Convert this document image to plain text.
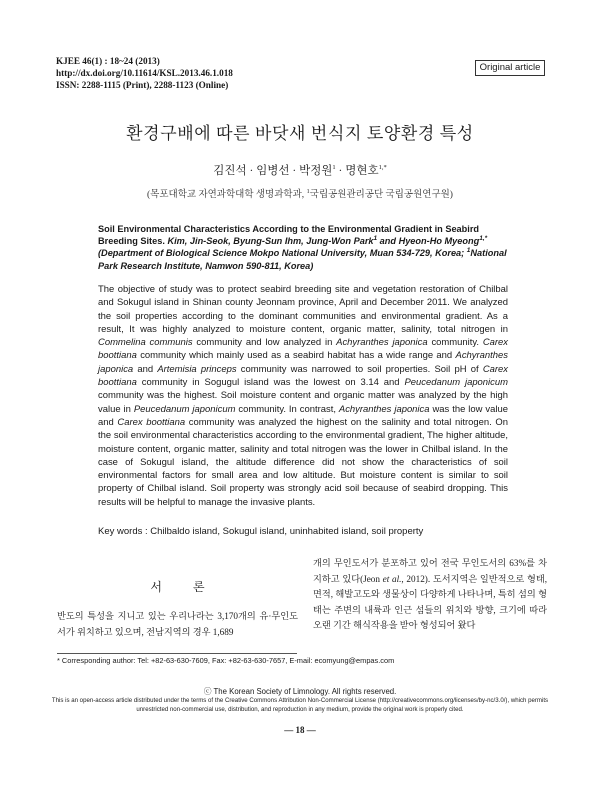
KJEE 46(1) : 18~24 (2013)
http://dx.doi.org/10.11614/KSL.2013.46.1.018
ISSN: 2288-1115 (Print), 2288-1123 (Online)
Original article
환경구배에 따른 바닷새 번식지 토양환경 특성
김진석 · 임병선 · 박정원$^1$ · 명현호$^{1,*}$
(목포대학교 자연과학대학 생명과학과, $^1$국립공원관리공단 국립공원연구원)
Soil Environmental Characteristics According to the Environmental Gradient in Seabird Breeding Sites. Kim, Jin-Seok, Byung-Sun Ihm, Jung-Won Park$^1$ and Hyeon-Ho Myeong$^{1,*}$ (Department of Biological Science Mokpo National University, Muan 534-729, Korea; $^1$National Park Research Institute, Namwon 590-811, Korea)
The objective of study was to protect seabird breeding site and vegetation restoration of Chilbal and Sokugul island in Shinan county Jeonnam province, April and December 2011. We analyzed the soil properties according to the dominant communities and environmental gradient. As a result, It was highly analyzed to moisture content, organic matter, salinity, total nitrogen in Commelina communis community and low analyzed in Achyranthes japonica community. Carex boottiana community which mainly used as a seabird habitat has a wide range and Achyranthes japonica and Artemisia princeps community was narrowed to soil properties. Soil pH of Carex boottiana community in Sogugul island was the lowest on 3.14 and Peucedanum japonicum community was the highest. Soil moisture content and organic matter was analyzed by the high value in Peucedanum japonicum community. In contrast, Achyranthes japonica was the low value and Carex boottiana community was analyzed the highest on the salinity and total nitrogen. On the soil environmental characteristics according to the environmental gradient, The higher altitude, moisture content, organic matter, salinity and total nitrogen was the lower in Chilbal island. In the case of Sokugul island, the altitude difference did not show the characteristics of soil environmental factors for small area and low altitude. But moisture content is similar to soil property of Chilbal island. Soil property was strongly acid soil because of seabird dropping. This results will be helpful to manage the invasive plants.
Key words : Chilbaldo island, Sokugul island, uninhabited island, soil property
서 론
반도의 특성을 지니고 있는 우리나라는 3,170개의 유·무인도서가 위치하고 있으며, 전남지역의 경우 1,689
개의 무인도서가 분포하고 있어 전국 무인도서의 63%를 차지하고 있다(Jeon et al., 2012). 도서지역은 일반적으로 형태, 면적, 해발고도와 생물상이 다양하게 나타나며, 특히 섬의 형태는 주변의 내륙과 인근 섬들의 위치와 방향, 크기에 따라 오랜 기간 해식작용을 받아 형성되어 왔다
* Corresponding author: Tel: +82-63-630-7609, Fax: +82-63-630-7657, E-mail: ecomyung@empas.com
ⓒ The Korean Society of Limnology. All rights reserved.
This is an open-access article distributed under the terms of the Creative Commons Attribution Non-Commercial License (http://creativecommons.org/licenses/by-nc/3.0/), which permits unrestricted non-commercial use, distribution, and reproduction in any medium, provide the original work is properly cited.
— 18 —
